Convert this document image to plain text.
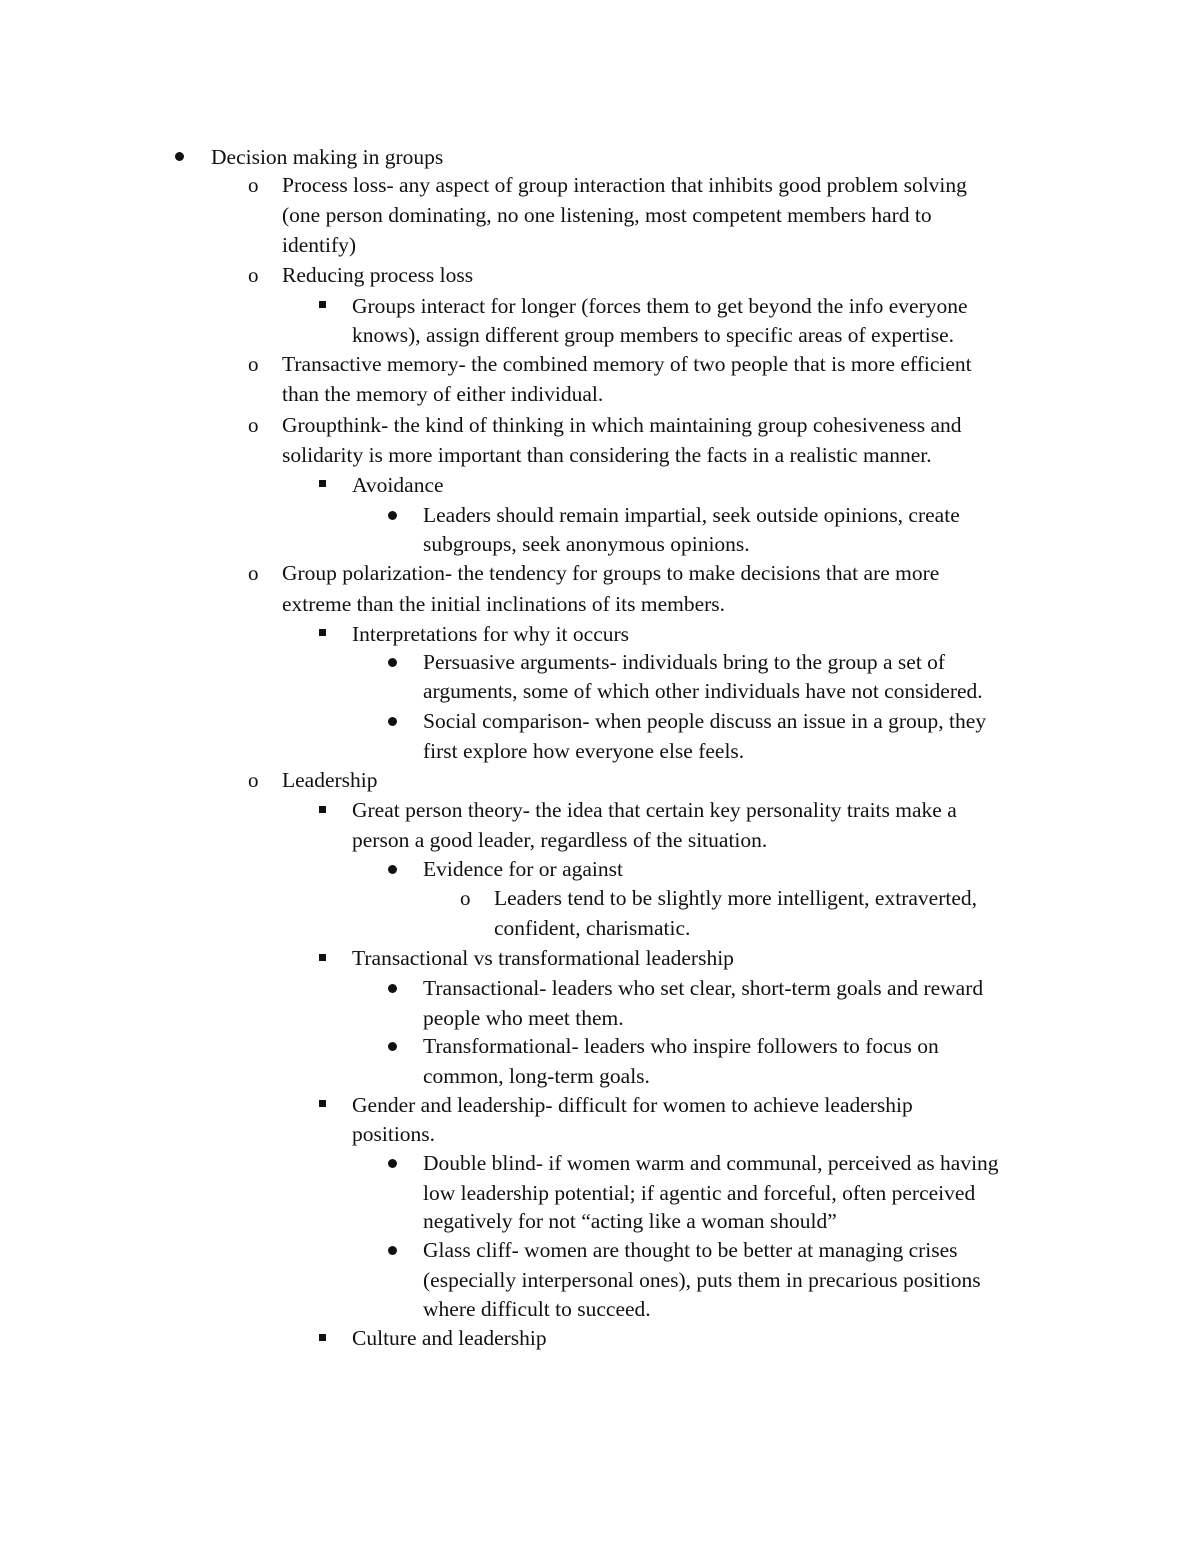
Decision making in groups

o Process loss- any aspect of group interaction that inhibits good problem solving

(one person dominating, no one listening, most competent members hard to

identify)

o Reducing process loss

Groups interact for longer (forces them to get beyond the info everyone

knows), assign different group members to specific areas of expertise.

o Transactive memory- the combined memory of two people that is more efficient

than the memory of either individual.

o Groupthink- the kind of thinking in which maintaining group cohesiveness and

solidarity is more important than considering the facts in a realistic manner.

Avoidance

Leaders should remain impartial, seek outside opinions, create

subgroups, seek anonymous opinions.

o Group polarization- the tendency for groups to make decisions that are more

extreme than the initial inclinations of its members.

Interpretations for why it occurs

Persuasive arguments- individuals bring to the group a set of

arguments, some of which other individuals have not considered.

Social comparison- when people discuss an issue in a group, they

first explore how everyone else feels.

o Leadership

Great person theory- the idea that certain key personality traits make a

person a good leader, regardless of the situation.

Evidence for or against

o Leaders tend to be slightly more intelligent, extraverted,

confident, charismatic.

Transactional vs transformational leadership

Transactional- leaders who set clear, short-term goals and reward

people who meet them.

Transformational- leaders who inspire followers to focus on

common, long-term goals.

Gender and leadership- difficult for women to achieve leadership

positions.

Double blind- if women warm and communal, perceived as having

low leadership potential; if agentic and forceful, often perceived

negatively for not “acting like a woman should”

Glass cliff- women are thought to be better at managing crises

(especially interpersonal ones), puts them in precarious positions

where difficult to succeed.

Culture and leadership
